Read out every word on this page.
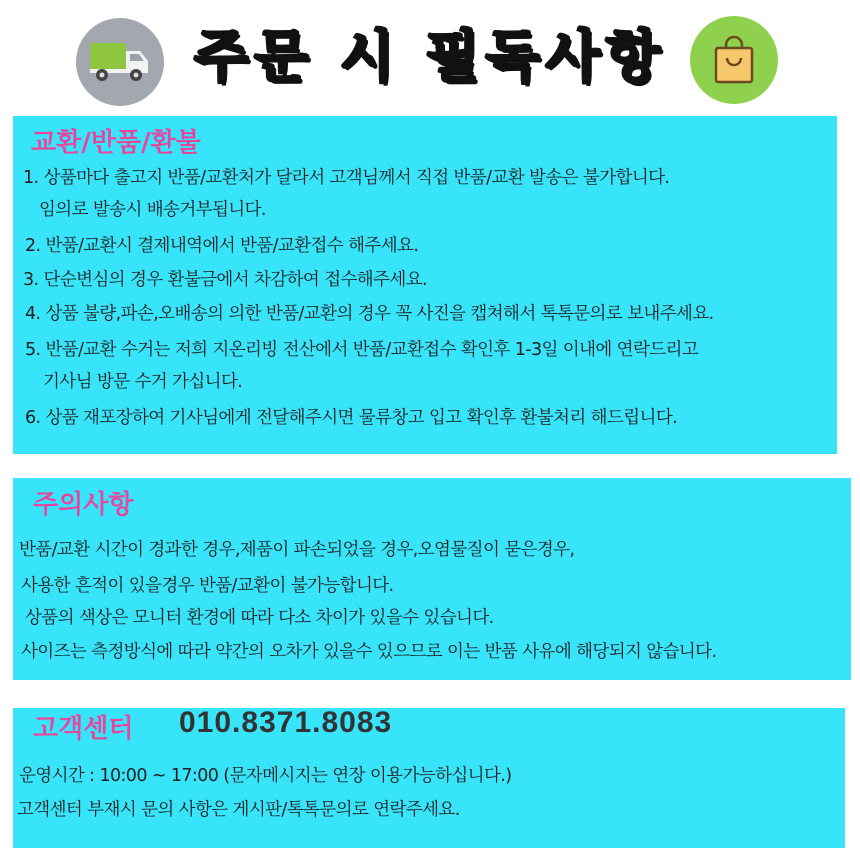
주문 시 필독사항
교환/반품/환불
1. 상품마다 출고지 반품/교환처가 달라서 고객님께서 직접 반품/교환 발송은 불가합니다.
임의로 발송시 배송거부됩니다.
2. 반품/교환시 결제내역에서 반품/교환접수 해주세요.
3. 단순변심의 경우 환불금에서 차감하여 접수해주세요.
4. 상품 불량,파손,오배송의 의한 반품/교환의 경우 꼭 사진을 캡쳐해서 톡톡문의로 보내주세요.
5. 반품/교환 수거는 저희 지온리빙 전산에서 반품/교환접수 확인후 1-3일 이내에 연락드리고
기사님 방문 수거 가십니다.
6. 상품 재포장하여 기사님에게 전달해주시면 물류창고 입고 확인후 환불처리 해드립니다.
주의사항
반품/교환 시간이 경과한 경우,제품이 파손되었을 경우,오염물질이 묻은경우,
사용한 흔적이 있을경우 반품/교환이 불가능합니다.
상품의 색상은 모니터 환경에 따라 다소 차이가 있을수 있습니다.
사이즈는 측정방식에 따라 약간의 오차가 있을수 있으므로 이는 반품 사유에 해당되지 않습니다.
고객센터 010.8371.8083
운영시간 : 10:00 ~ 17:00 (문자메시지는 연장 이용가능하십니다.)
고객센터 부재시 문의 사항은 게시판/톡톡문의로 연락주세요.
